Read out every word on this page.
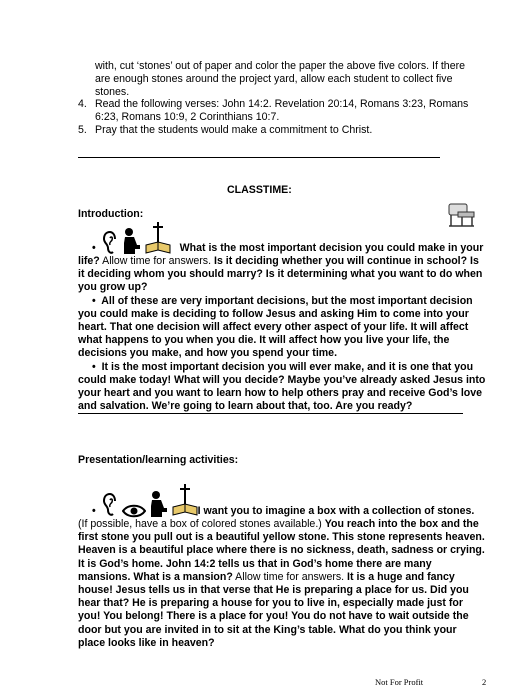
with, cut ‘stones’ out of paper and color the paper the above five colors. If there are enough stones around the project yard, allow each student to collect five stones.
4. Read the following verses: John 14:2. Revelation 20:14, Romans 3:23, Romans 6:23, Romans 10:9, 2 Corinthians 10:7.
5. Pray that the students would make a commitment to Christ.
CLASSTIME:
Introduction:

•	What is the most important decision you could make in your life? Allow time for answers. Is it deciding whether you will continue in school? Is it deciding whom you should marry? Is it determining what you want to do when you grow up?

• All of these are very important decisions, but the most important decision you could make is deciding to follow Jesus and asking Him to come into your heart. That one decision will affect every other aspect of your life. It will affect what happens to you when you die. It will affect how you live your life, the decisions you make, and how you spend your time.

• It is the most important decision you will ever make, and it is one that you could make today! What will you decide? Maybe you’ve already asked Jesus into your heart and you want to learn how to help others pray and receive God’s love and salvation. We’re going to learn about that, too. Are you ready?

Presentation/learning activities:

•	I want you to imagine a box with a collection of stones. (If possible, have a box of colored stones available.) You reach into the box and the first stone you pull out is a beautiful yellow stone. This stone represents heaven. Heaven is a beautiful place where there is no sickness, death, sadness or crying. It is God’s home. John 14:2 tells us that in God’s home there are many mansions. What is a mansion? Allow time for answers. It is a huge and fancy house! Jesus tells us in that verse that He is preparing a place for us. Did you hear that? He is preparing a house for you to live in, especially made just for you! You belong! There is a place for you! You do not have to wait outside the door but you are invited in to sit at the King’s table. What do you think your place looks like in heaven?

Not For Profit	2
